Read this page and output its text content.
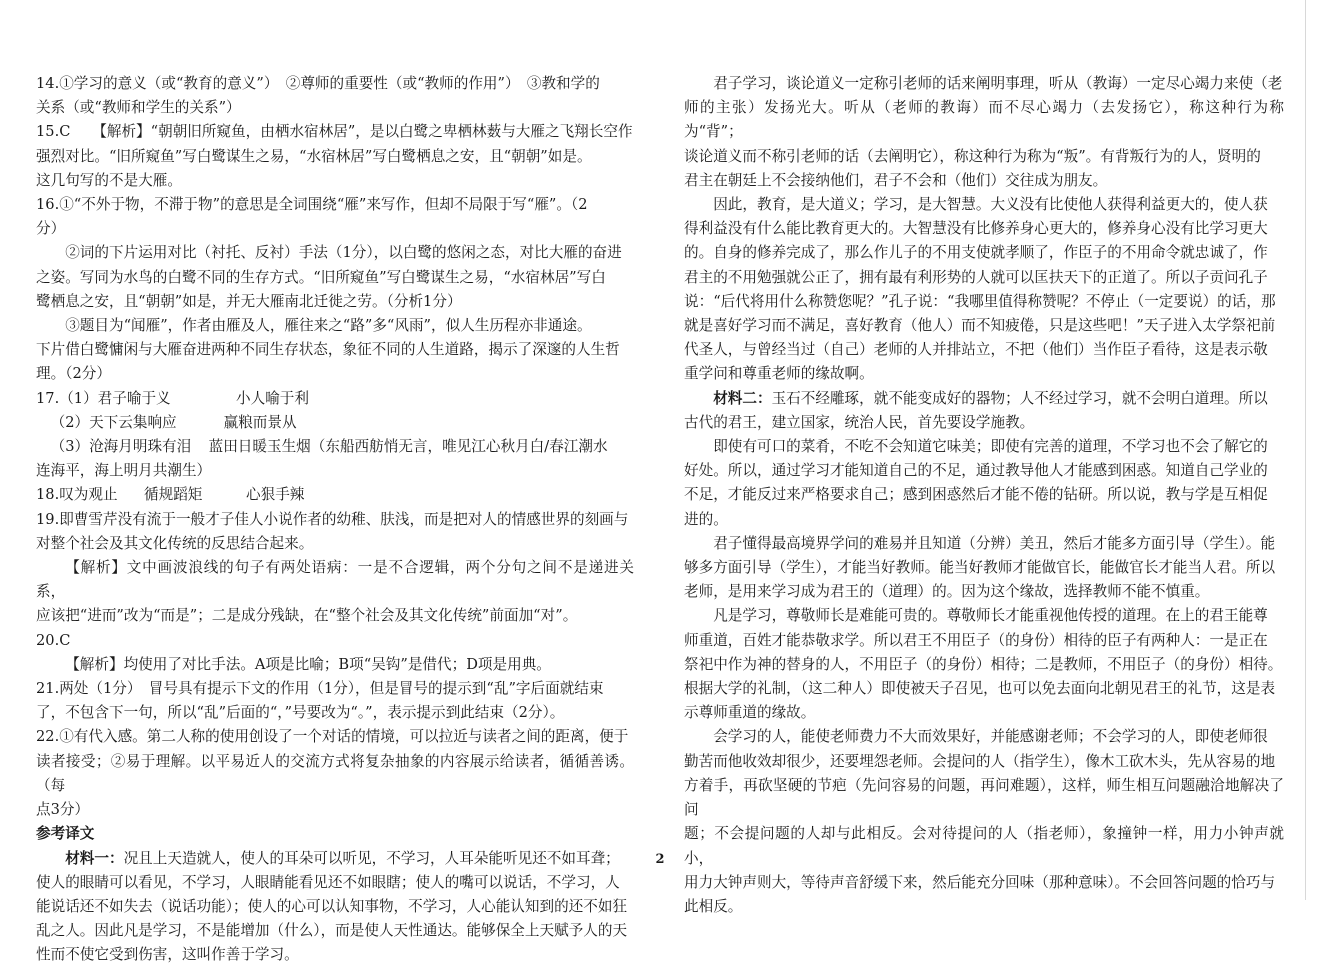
14.①学习的意义（或“教育的意义”）　②尊师的重要性（或“教师的作用”）　③教和学的

关系（或“教师和学生的关系”）

15.C　　【解析】“朝朝旧所窥鱼，由栖水宿林居”，是以白鹭之卑栖林薮与大雁之飞翔长空作

强烈对比。“旧所窥鱼”写白鹭谋生之易，“水宿林居”写白鹭栖息之安，且“朝朝”如是。

这几句写的不是大雁。

16.①“不外于物，不滞于物”的意思是全词围绕“雁”来写作，但却不局限于写“雁”。（2

分）

②词的下片运用对比（衬托、反衬）手法（1分），以白鹭的悠闲之态，对比大雁的奋进

之姿。写同为水鸟的白鹭不同的生存方式。“旧所窥鱼”写白鹭谋生之易，“水宿林居”写白

鹭栖息之安，且“朝朝”如是，并无大雁南北迁徙之劳。（分析1分）

③题目为“闻雁”，作者由雁及人，雁往来之“路”多“风雨”，似人生历程亦非通途。

下片借白鹭慵闲与大雁奋进两种不同生存状态，象征不同的人生道路，揭示了深邃的人生哲

理。（2分）

17.（1）君子喻于义	小人喻于利

（2）天下云集响应	赢粮而景从

（3）沧海月明珠有泪 蓝田日暖玉生烟（东船西舫悄无言，唯见江心秋月白/春江潮水

连海平，海上明月共潮生）

18.叹为观止 循规蹈矩	心狠手辣

19.即曹雪芹没有流于一般才子佳人小说作者的幼稚、肤浅，而是把对人的情感世界的刻画与

对整个社会及其文化传统的反思结合起来。

【解析】文中画波浪线的句子有两处语病：一是不合逻辑，两个分句之间不是递进关系，

应该把“进而”改为“而是”；二是成分残缺，在“整个社会及其文化传统”前面加“对”。

20.C

【解析】均使用了对比手法。A项是比喻；B项“吴钩”是借代；D项是用典。

21.两处（1分）　冒号具有提示下文的作用（1分），但是冒号的提示到“乱”字后面就结束

了，不包含下一句，所以“乱”后面的“，”号要改为“。”，表示提示到此结束（2分）。

22.①有代入感。第二人称的使用创设了一个对话的情境，可以拉近与读者之间的距离，便于

读者接受；②易于理解。以平易近人的交流方式将复杂抽象的内容展示给读者，循循善诱。（每

点3分）

参考译文

材料一：况且上天造就人，使人的耳朵可以听见，不学习，人耳朵能听见还不如耳聋；

使人的眼睛可以看见，不学习，人眼睛能看见还不如眼瞎；使人的嘴可以说话，不学习，人

能说话还不如失去（说话功能）；使人的心可以认知事物，不学习，人心能认知到的还不如狂

乱之人。因此凡是学习，不是能增加（什么），而是使人天性通达。能够保全上天赋予人的天

性而不使它受到伤害，这叫作善于学习。

君子学习，谈论道义一定称引老师的话来阐明事理，听从（教诲）一定尽心竭力来使（老

师的主张）发扬光大。听从（老师的教诲）而不尽心竭力（去发扬它），称这种行为称为“背”；

谈论道义而不称引老师的话（去阐明它），称这种行为称为“叛”。有背叛行为的人，贤明的

君主在朝廷上不会接纳他们，君子不会和（他们）交往成为朋友。

因此，教育，是大道义；学习，是大智慧。大义没有比使他人获得利益更大的，使人获

得利益没有什么能比教育更大的。大智慧没有比修养身心更大的，修养身心没有比学习更大

的。自身的修养完成了，那么作儿子的不用支使就孝顺了，作臣子的不用命令就忠诚了，作

君主的不用勉强就公正了，拥有最有利形势的人就可以匡扶天下的正道了。所以子贡问孔子

说：“后代将用什么称赞您呢？”孔子说：“我哪里值得称赞呢？不停止（一定要说）的话，那

就是喜好学习而不满足，喜好教育（他人）而不知疲倦，只是这些吧！”天子进入太学祭祀前

代圣人，与曾经当过（自己）老师的人并排站立，不把（他们）当作臣子看待，这是表示敬

重学问和尊重老师的缘故啊。

材料二：玉石不经雕琢，就不能变成好的器物；人不经过学习，就不会明白道理。所以

古代的君王，建立国家，统治人民，首先要设学施教。

即使有可口的菜肴，不吃不会知道它味美；即使有完善的道理，不学习也不会了解它的

好处。所以，通过学习才能知道自己的不足，通过教导他人才能感到困惑。知道自己学业的

不足，才能反过来严格要求自己；感到困惑然后才能不倦的钻研。所以说，教与学是互相促

进的。

君子懂得最高境界学问的难易并且知道（分辨）美丑，然后才能多方面引导（学生）。能

够多方面引导（学生），才能当好教师。能当好教师才能做官长，能做官长才能当人君。所以

老师，是用来学习成为君王的（道理）的。因为这个缘故，选择教师不能不慎重。

凡是学习，尊敬师长是难能可贵的。尊敬师长才能重视他传授的道理。在上的君王能尊

师重道，百姓才能恭敬求学。所以君王不用臣子（的身份）相待的臣子有两种人：一是正在

祭祀中作为神的替身的人，不用臣子（的身份）相待；二是教师，不用臣子（的身份）相待。

根据大学的礼制，（这二种人）即使被天子召见，也可以免去面向北朝见君王的礼节，这是表

示尊师重道的缘故。

会学习的人，能使老师费力不大而效果好，并能感谢老师；不会学习的人，即使老师很

勤苦而他收效却很少，还要埋怨老师。会提问的人（指学生），像木工砍木头，先从容易的地

方着手，再砍坚硬的节疤（先问容易的问题，再问难题），这样，师生相互问题融洽地解决了问

题；不会提问题的人却与此相反。会对待提问的人（指老师），象撞钟一样，用力小钟声就小，

用力大钟声则大，等待声音舒缓下来，然后能充分回味（那种意味）。不会回答问题的恰巧与

此相反。

2
